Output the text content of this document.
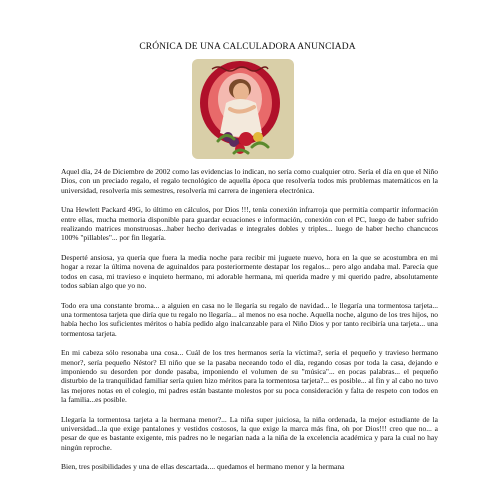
CRÓNICA DE UNA CALCULADORA ANUNCIADA

Aquel día, 24 de Diciembre de 2002 como las evidencias lo indican, no sería como cualquier otro. Sería el día en que el Niño Dios, con un preciado regalo, el regalo tecnológico de aquella época que resolvería todos mis problemas matemáticos en la universidad, resolvería mis semestres, resolvería mi carrera de ingeniera electrónica.

Una Hewlett Packard 49G, lo último en cálculos, por Dios !!!, tenía conexión infrarroja que permitía compartir información entre ellas, mucha memoria disponible para guardar ecuaciones e información, conexión con el PC, luego de haber sufrido realizando matrices monstruosas...haber hecho derivadas e integrales dobles y triples... luego de haber hecho chancucos 100% "pillables"... por fin llegaría.

Desperté ansiosa, ya quería que fuera la media noche para recibir mi juguete nuevo, hora en la que se acostumbra en mi hogar a rezar la última novena de aguinaldos para posteriormente destapar los regalos... pero algo andaba mal. Parecía que todos en casa, mi travieso e inquieto hermano, mi adorable hermana, mi querida madre y mi querido padre, absolutamente todos sabían algo que yo no.

Todo era una constante broma... a alguien en casa no le llegaría su regalo de navidad... le llegaría una tormentosa tarjeta... una tormentosa tarjeta que diría que tu regalo no llegaría... al menos no esa noche. Aquella noche, alguno de los tres hijos, no había hecho los suficientes méritos o había pedido algo inalcanzable para el Niño Dios y por tanto recibiría una tarjeta... una tormentosa tarjeta.

En mi cabeza sólo resonaba una cosa... Cuál de los tres hermanos sería la víctima?, sería el pequeño y travieso hermano menor?, sería pequeño Néstor? El niño que se la pasaba neceando todo el día, regando cosas por toda la casa, dejando e imponiendo su desorden por donde pasaba, imponiendo el volumen de su "música"... en pocas palabras... el pequeño disturbio de la tranquilidad familiar sería quien hizo méritos para la tormentosa tarjeta?... es posible... al fin y al cabo no tuvo las mejores notas en el colegio, mi padres están bastante molestos por su poca consideración y falta de respeto con todos en la familia...es posible.

Llegaría la tormentosa tarjeta a la hermana menor?... La niña super juiciosa, la niña ordenada, la mejor estudiante de la universidad...la que exige pantalones y vestidos costosos, la que exige la marca más fina, oh por Dios!!! creo que no... a pesar de que es bastante exigente, mis padres no le negarían nada a la niña de la excelencia académica y para la cual no hay ningún reproche.

Bien, tres posibilidades y una de ellas descartada.... quedamos el hermano menor y la hermana
